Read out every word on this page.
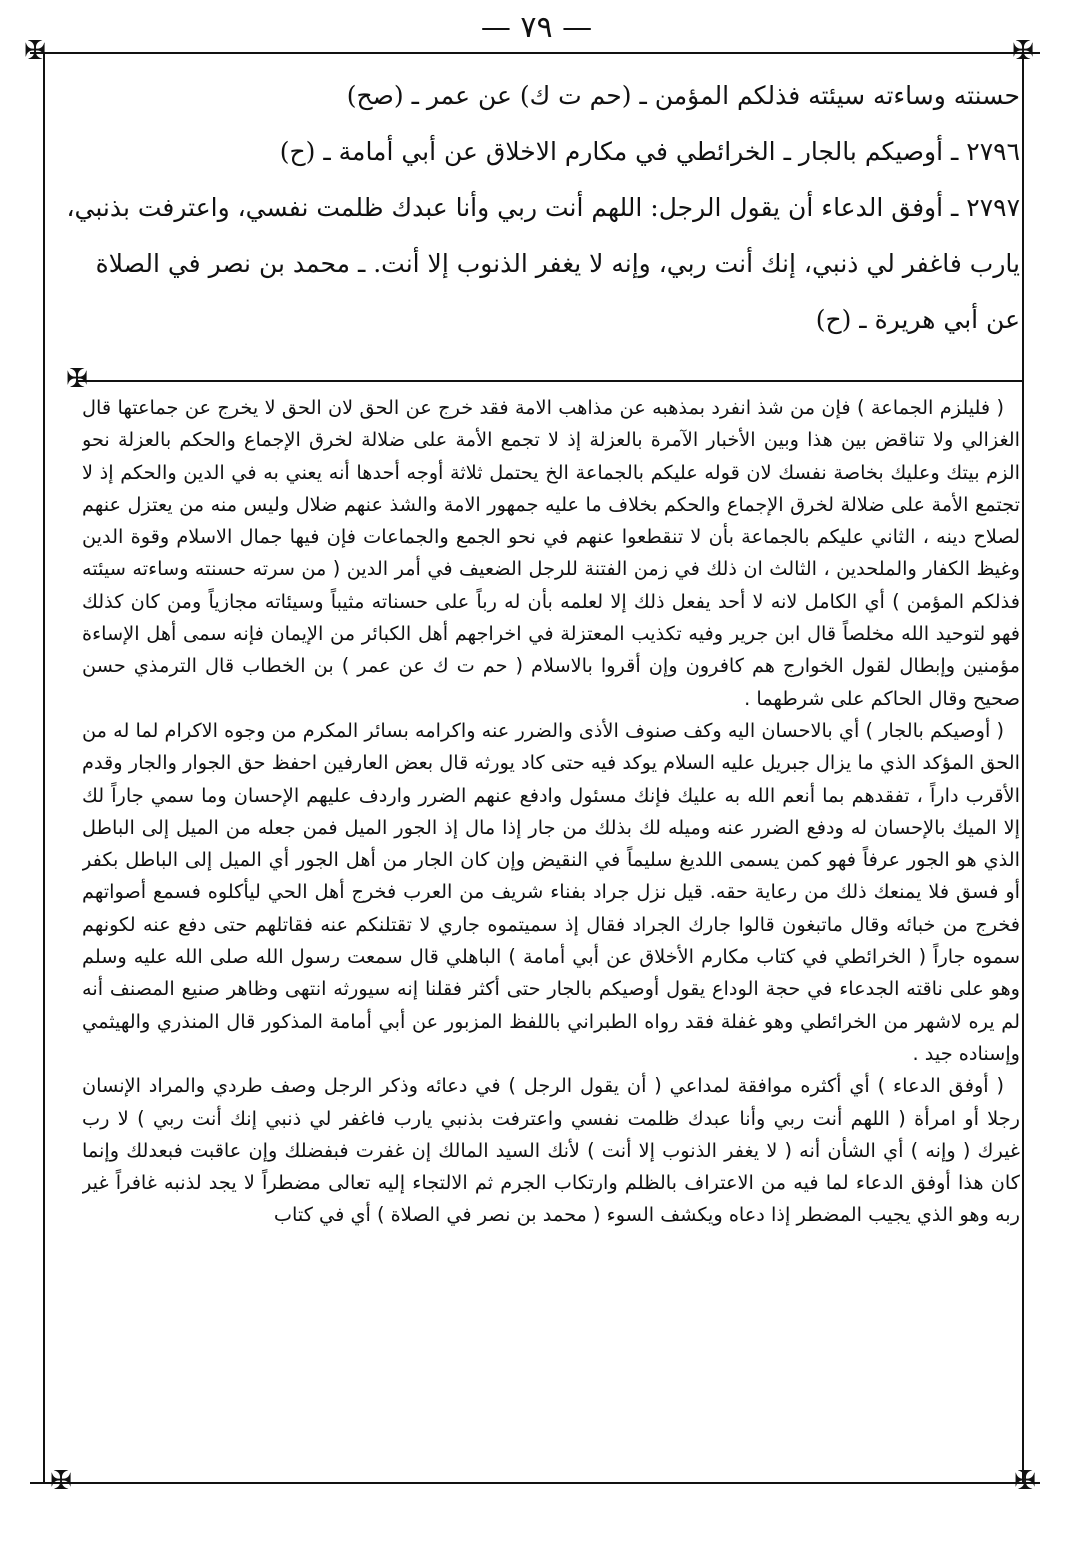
— ٧٩ —
✠	✠
✠	✠
✠

حسنته وساءته سيئته فذلكم المؤمن ـ (حم ت ك) عن عمر ـ (صح)

٢٧٩٦ ـ أوصيكم بالجار ـ الخرائطي في مكارم الاخلاق عن أبي أمامة ـ (ح)

٢٧٩٧ ـ أوفق الدعاء أن يقول الرجل: اللهم أنت ربي وأنا عبدك ظلمت نفسي، واعترفت بذنبي، يارب فاغفر لي ذنبي، إنك أنت ربي، وإنه لا يغفر الذنوب إلا أنت. ـ محمد بن نصر في الصلاة عن أبي هريرة ـ (ح)

( فليلزم الجماعة ) فإن من شذ انفرد بمذهبه عن مذاهب الامة فقد خرج عن الحق لان الحق لا يخرج عن جماعتها قال الغزالي ولا تناقض بين هذا وبين الأخبار الآمرة بالعزلة إذ لا تجمع الأمة على ضلالة لخرق الإجماع والحكم بالعزلة نحو الزم بيتك وعليك بخاصة نفسك لان قوله عليكم بالجماعة الخ يحتمل ثلاثة أوجه أحدها أنه يعني به في الدين والحكم إذ لا تجتمع الأمة على ضلالة لخرق الإجماع والحكم بخلاف ما عليه جمهور الامة والشذ عنهم ضلال وليس منه من يعتزل عنهم لصلاح دينه ، الثاني عليكم بالجماعة بأن لا تنقطعوا عنهم في نحو الجمع والجماعات فإن فيها جمال الاسلام وقوة الدين وغيظ الكفار والملحدين ، الثالث ان ذلك في زمن الفتنة للرجل الضعيف في أمر الدين ( من سرته حسنته وساءته سيئته فذلكم المؤمن ) أي الكامل لانه لا أحد يفعل ذلك إلا لعلمه بأن له رباً على حسناته مثيباً وسيئاته مجازياً ومن كان كذلك فهو لتوحيد الله مخلصاً قال ابن جرير وفيه تكذيب المعتزلة في اخراجهم أهل الكبائر من الإيمان فإنه سمى أهل الإساءة مؤمنين وإبطال لقول الخوارج هم كافرون وإن أقروا بالاسلام ( حم ت ك عن عمر ) بن الخطاب قال الترمذي حسن صحيح وقال الحاكم على شرطهما .

( أوصيكم بالجار ) أي بالاحسان اليه وكف صنوف الأذى والضرر عنه واكرامه بسائر المكرم من وجوه الاكرام لما له من الحق المؤكد الذي ما يزال جبريل عليه السلام يوكد فيه حتى كاد يورثه قال بعض العارفين احفظ حق الجوار والجار وقدم الأقرب داراً ، تفقدهم بما أنعم الله به عليك فإنك مسئول وادفع عنهم الضرر واردف عليهم الإحسان وما سمي جاراً لك إلا الميك بالإحسان له ودفع الضرر عنه وميله لك بذلك من جار إذا مال إذ الجور الميل فمن جعله من الميل إلى الباطل الذي هو الجور عرفاً فهو كمن يسمى اللديغ سليماً في النقيض وإن كان الجار من أهل الجور أي الميل إلى الباطل بكفر أو فسق فلا يمنعك ذلك من رعاية حقه. قيل نزل جراد بفناء شريف من العرب فخرج أهل الحي ليأكلوه فسمع أصواتهم فخرج من خبائه وقال ماتبغون قالوا جارك الجراد فقال إذ سميتموه جاري لا تقتلنكم عنه فقاتلهم حتى دفع عنه لكونهم سموه جاراً ( الخرائطي في كتاب مكارم الأخلاق عن أبي أمامة ) الباهلي قال سمعت رسول الله صلى الله عليه وسلم وهو على ناقته الجدعاء في حجة الوداع يقول أوصيكم بالجار حتى أكثر فقلنا إنه سيورثه انتهى وظاهر صنيع المصنف أنه لم يره لاشهر من الخرائطي وهو غفلة فقد رواه الطبراني باللفظ المزبور عن أبي أمامة المذكور قال المنذري والهيثمي وإسناده جيد .

( أوفق الدعاء ) أي أكثره موافقة لمداعي ( أن يقول الرجل ) في دعائه وذكر الرجل وصف طردي والمراد الإنسان رجلا أو امرأة ( اللهم أنت ربي وأنا عبدك ظلمت نفسي واعترفت بذنبي يارب فاغفر لي ذنبي إنك أنت ربي ) لا رب غيرك ( وإنه ) أي الشأن أنه ( لا يغفر الذنوب إلا أنت ) لأنك السيد المالك إن غفرت فبفضلك وإن عاقبت فبعدلك وإنما كان هذا أوفق الدعاء لما فيه من الاعتراف بالظلم وارتكاب الجرم ثم الالتجاء إليه تعالى مضطراً لا يجد لذنبه غافراً غير ربه وهو الذي يجيب المضطر إذا دعاه ويكشف السوء ( محمد بن نصر في الصلاة ) أي في كتاب
